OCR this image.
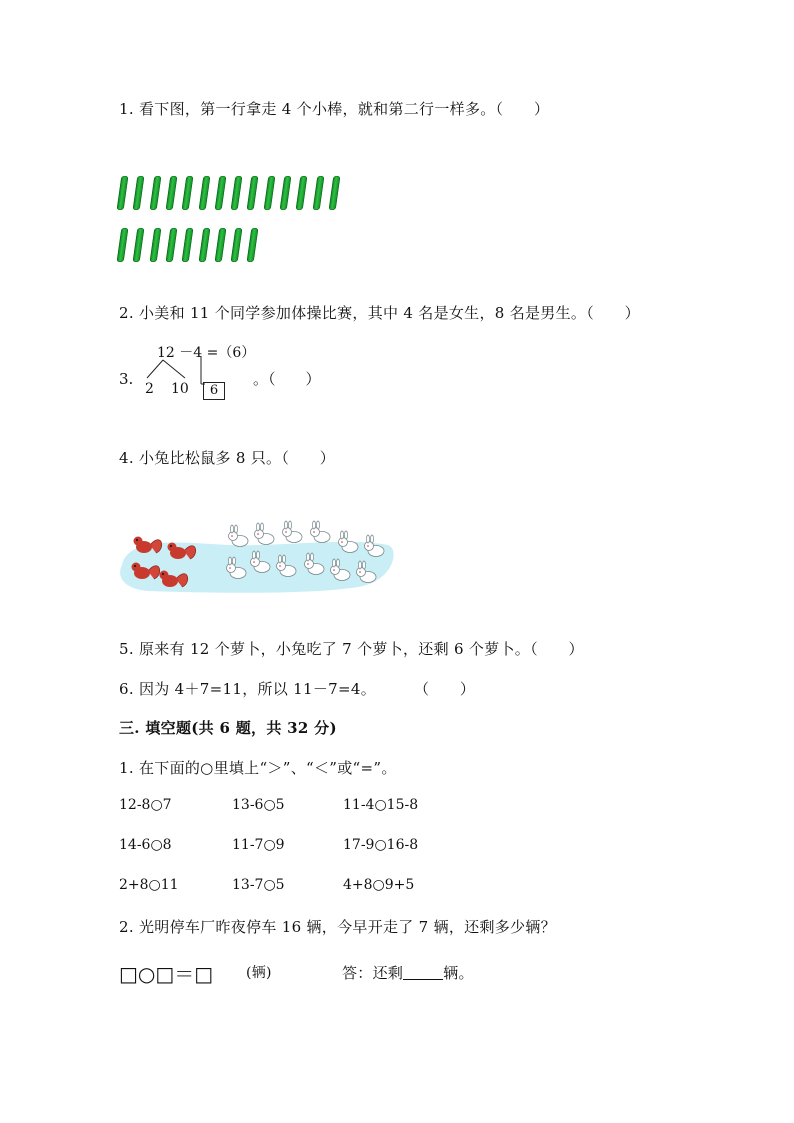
1. 看下图，第一行拿走 4 个小棒，就和第二行一样多。（　　）
2. 小美和 11 个同学参加体操比赛，其中 4 名是女生，8 名是男生。（　　）
12 －4 =（6）
3.
2 10	6
。（　　）
4. 小兔比松鼠多 8 只。（　　）
5. 原来有 12 个萝卜，小兔吃了 7 个萝卜，还剩 6 个萝卜。（　　）
6. 因为 4＋7=11，所以 11－7=4。	（　　）
三. 填空题(共 6 题，共 32 分)
1. 在下面的○里填上“＞”、“＜”或“=”。
12-8○7	13-6○5	11-4○15-8
14-6○8	11-7○9	17-9○16-8
2+8○11	13-7○5	4+8○9+5
2. 光明停车厂昨夜停车 16 辆，今早开走了 7 辆，还剩多少辆？
□○□＝□ (辆)	答：还剩	辆。
